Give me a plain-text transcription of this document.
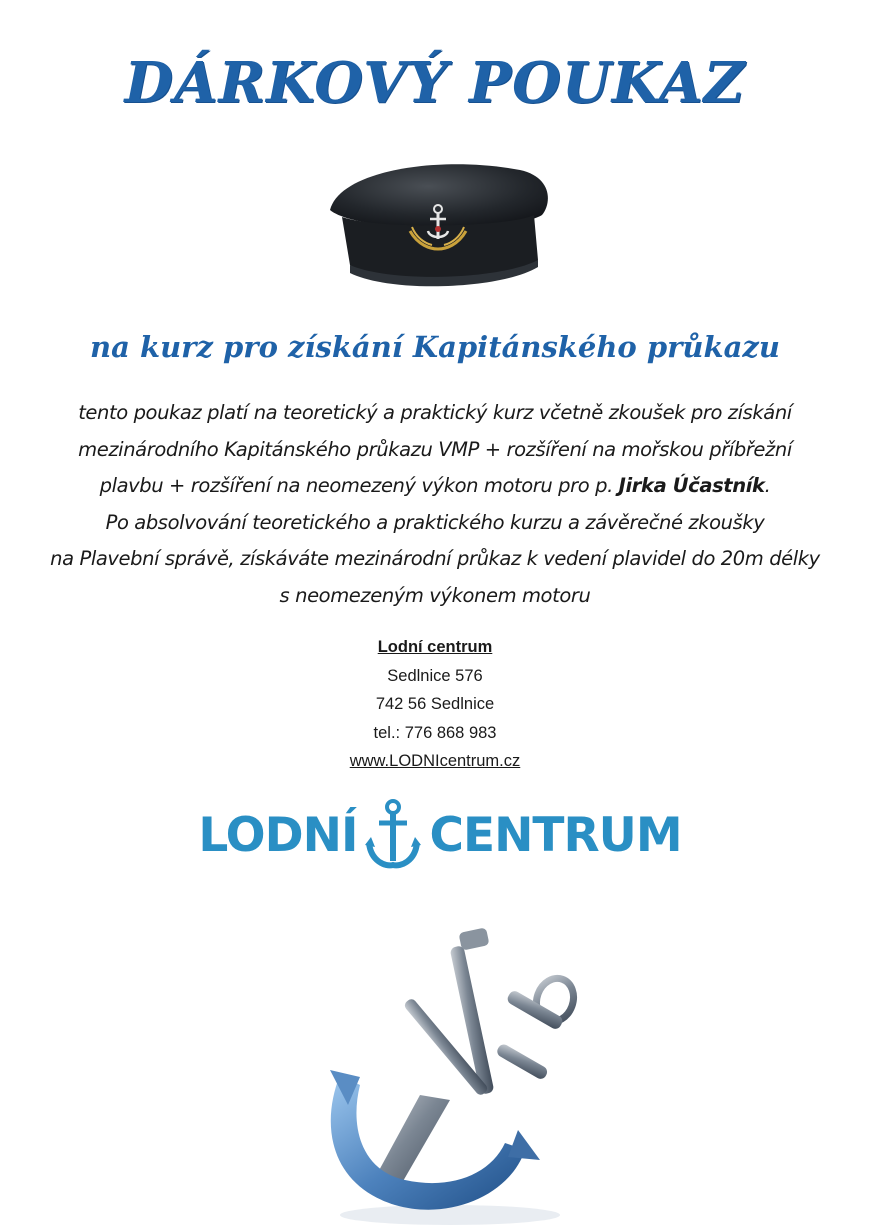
DÁRKOVÝ POUKAZ
na kurz pro získání Kapitánského průkazu

tento poukaz platí na teoretický a praktický kurz včetně zkoušek pro získání

mezinárodního Kapitánského průkazu VMP + rozšíření na mořskou příbřežní

plavbu + rozšíření na neomezený výkon motoru pro p. Jirka Účastník.

Po absolvování teoretického a praktického kurzu a závěrečné zkoušky

na Plavební správě, získáváte mezinárodní průkaz k vedení plavidel do 20m délky

s neomezeným výkonem motoru

Lodní centrum
Sedlnice 576
742 56 Sedlnice
tel.: 776 868 983
www.LODNIcentrum.cz
LODNÍ CENTRUM
